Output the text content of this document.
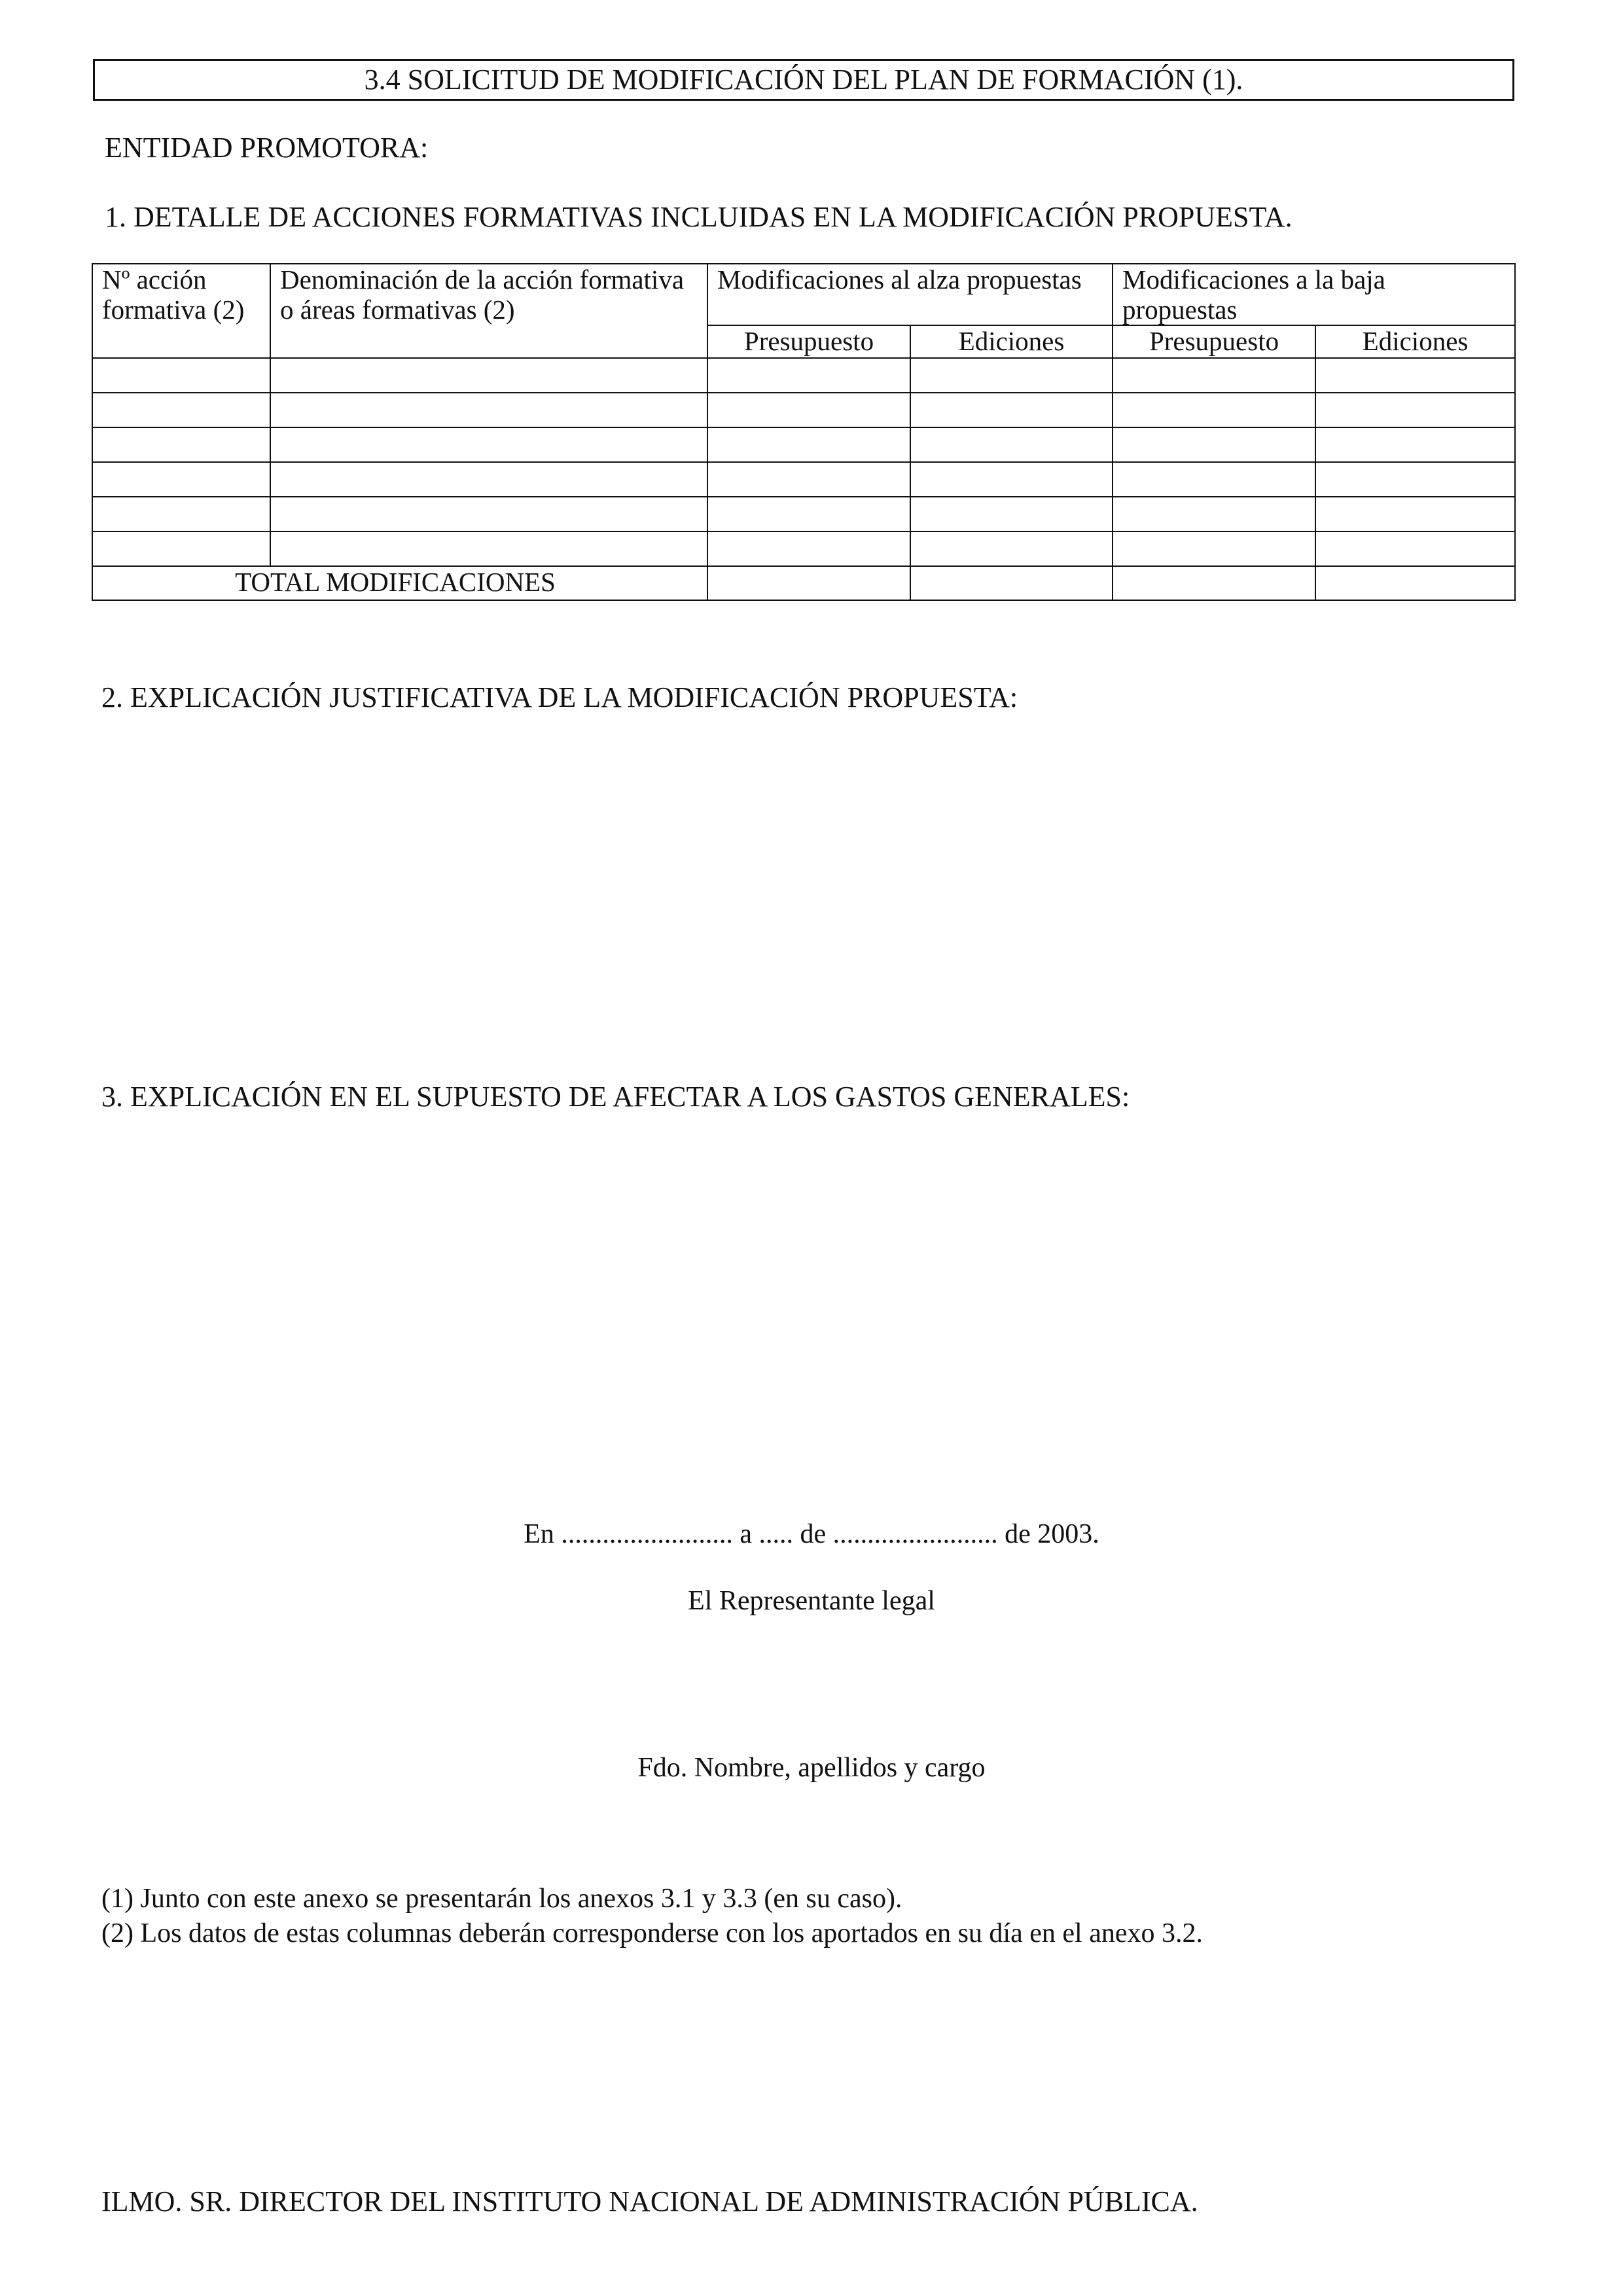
3.4 SOLICITUD DE MODIFICACIÓN DEL PLAN DE FORMACIÓN (1).
ENTIDAD PROMOTORA:
1. DETALLE DE ACCIONES FORMATIVAS INCLUIDAS EN LA MODIFICACIÓN PROPUESTA.
Nº acción formativa (2)	Denominación de la acción formativa o áreas formativas (2)	Modificaciones al alza propuestas		Modificaciones a la baja propuestas	
		Presupuesto	Ediciones	Presupuesto	Ediciones

TOTAL MODIFICACIONES					
2. EXPLICACIÓN JUSTIFICATIVA DE LA MODIFICACIÓN PROPUESTA:
3. EXPLICACIÓN EN EL SUPUESTO DE AFECTAR A LOS GASTOS GENERALES:
En ......................... a ..... de ........................ de 2003.
El Representante legal
Fdo. Nombre, apellidos y cargo
(1) Junto con este anexo se presentarán los anexos 3.1 y 3.3 (en su caso).
(2) Los datos de estas columnas deberán corresponderse con los aportados en su día en el anexo 3.2.
ILMO. SR. DIRECTOR DEL INSTITUTO NACIONAL DE ADMINISTRACIÓN PÚBLICA.
